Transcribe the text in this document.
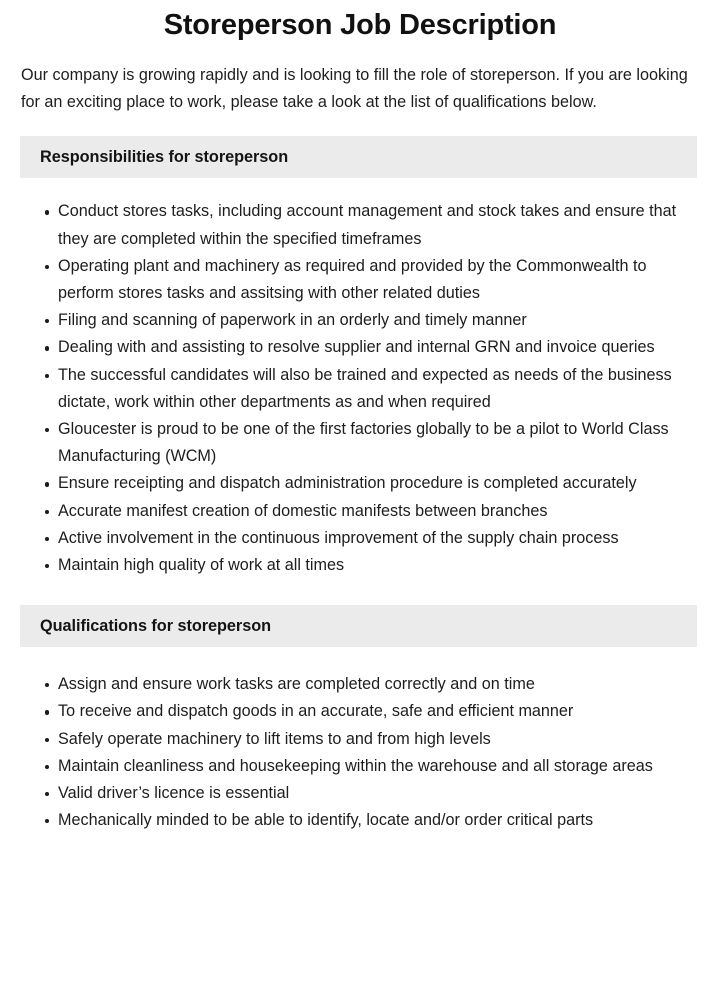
Storeperson Job Description

Our company is growing rapidly and is looking to fill the role of storeperson. If you are looking for an exciting place to work, please take a look at the list of qualifications below.

Responsibilities for storeperson
Conduct stores tasks, including account management and stock takes and ensure that they are completed within the specified timeframes
Operating plant and machinery as required and provided by the Commonwealth to perform stores tasks and assitsing with other related duties
Filing and scanning of paperwork in an orderly and timely manner
Dealing with and assisting to resolve supplier and internal GRN and invoice queries
The successful candidates will also be trained and expected as needs of the business dictate, work within other departments as and when required
Gloucester is proud to be one of the first factories globally to be a pilot to World Class Manufacturing (WCM)
Ensure receipting and dispatch administration procedure is completed accurately
Accurate manifest creation of domestic manifests between branches
Active involvement in the continuous improvement of the supply chain process
Maintain high quality of work at all times
Qualifications for storeperson
Assign and ensure work tasks are completed correctly and on time
To receive and dispatch goods in an accurate, safe and efficient manner
Safely operate machinery to lift items to and from high levels
Maintain cleanliness and housekeeping within the warehouse and all storage areas
Valid driver’s licence is essential
Mechanically minded to be able to identify, locate and/or order critical parts
